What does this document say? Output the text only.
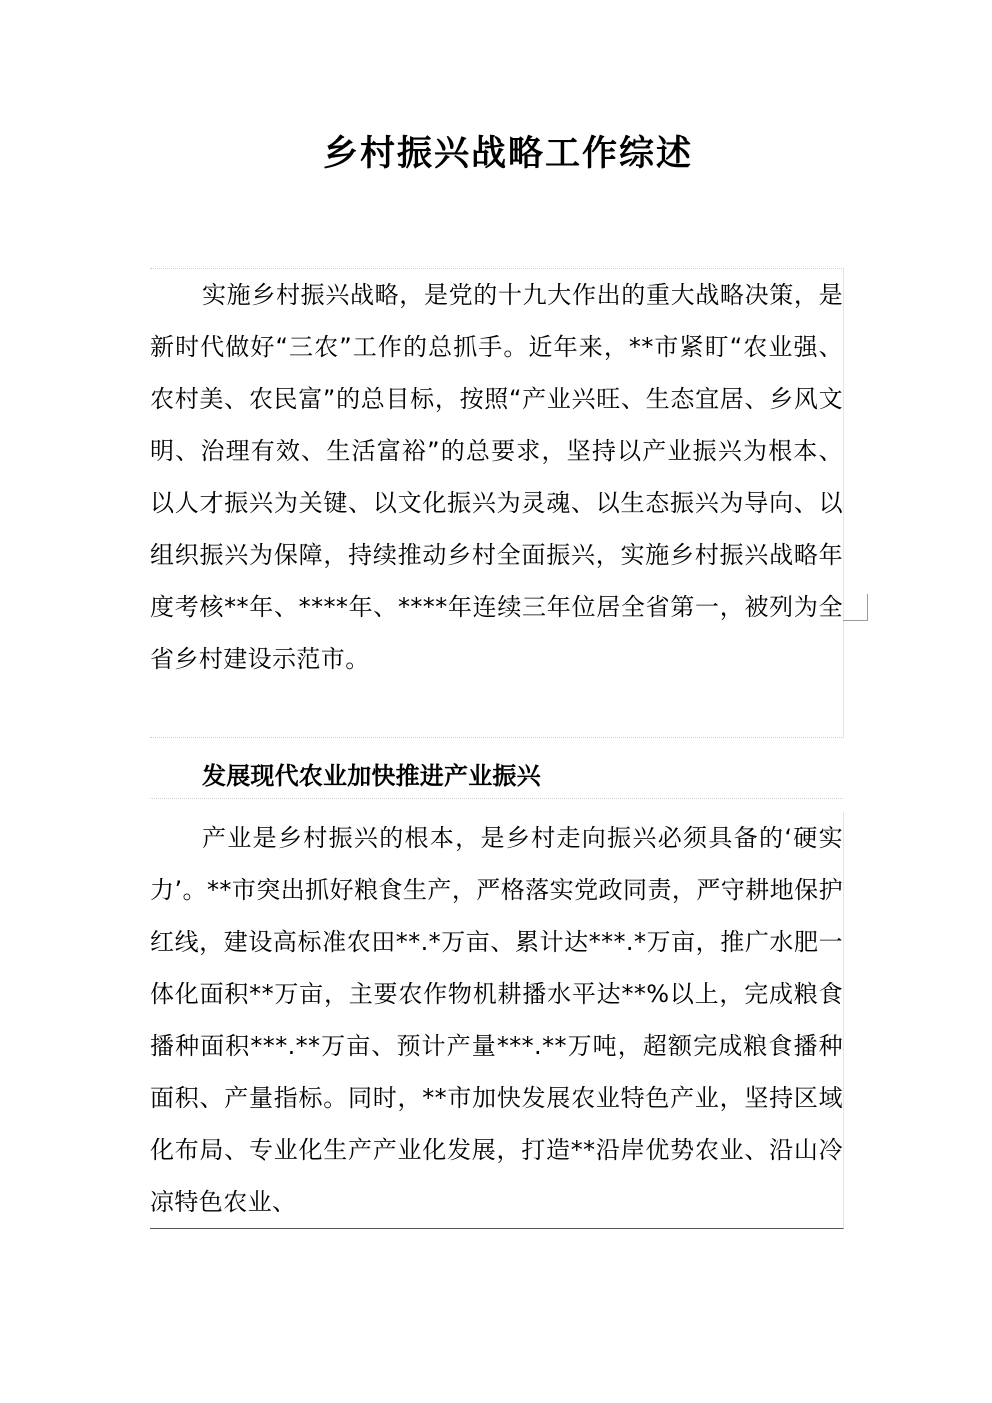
乡村振兴战略工作综述

实施乡村振兴战略，是党的十九大作出的重大战略决策，是新时代做好“三农”工作的总抓手。近年来，**市紧盯“农业强、农村美、农民富”的总目标，按照“产业兴旺、生态宜居、乡风文明、治理有效、生活富裕”的总要求，坚持以产业振兴为根本、以人才振兴为关键、以文化振兴为灵魂、以生态振兴为导向、以组织振兴为保障，持续推动乡村全面振兴，实施乡村振兴战略年度考核**年、****年、****年连续三年位居全省第一，被列为全省乡村建设示范市。

发展现代农业加快推进产业振兴

产业是乡村振兴的根本，是乡村走向振兴必须具备的‘硬实力’。**市突出抓好粮食生产，严格落实党政同责，严守耕地保护红线，建设高标准农田**.*万亩、累计达***.*万亩，推广水肥一体化面积**万亩，主要农作物机耕播水平达**%以上，完成粮食播种面积***.**万亩、预计产量***.**万吨，超额完成粮食播种面积、产量指标。同时，**市加快发展农业特色产业，坚持区域化布局、专业化生产产业化发展，打造**沿岸优势农业、沿山冷凉特色农业、
